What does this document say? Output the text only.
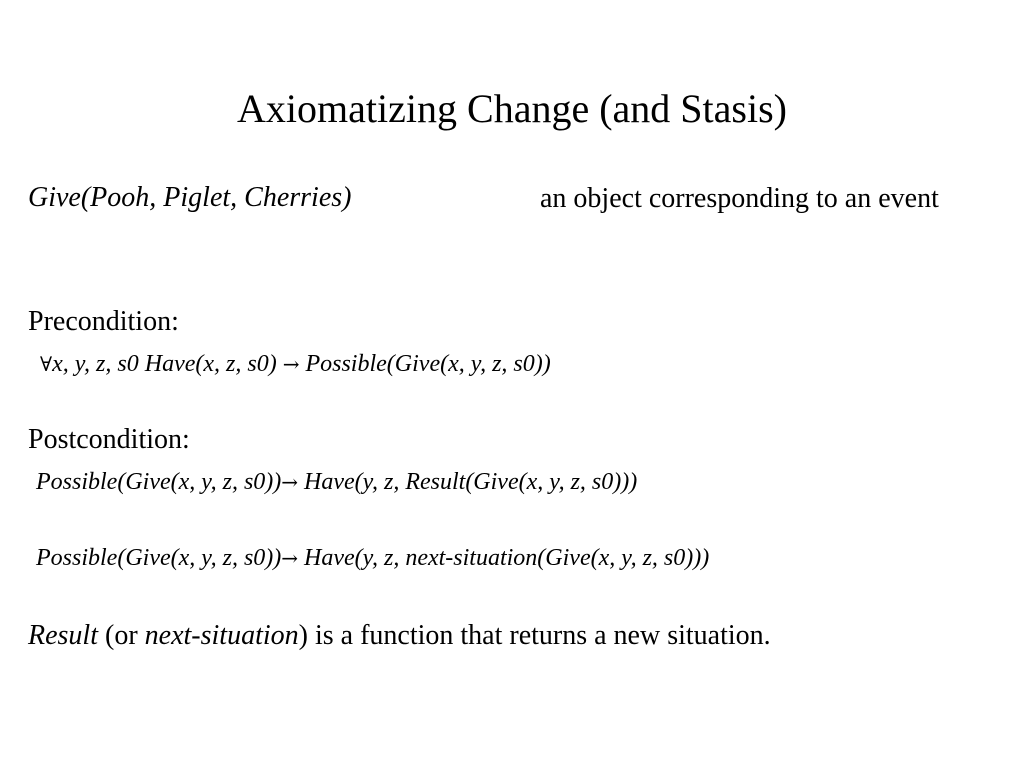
Axiomatizing Change (and Stasis)
Give(Pooh, Piglet, Cherries)	an object corresponding to an event
Precondition:
∀x, y, z, s0 Have(x, z, s0) → Possible(Give(x, y, z, s0))
Postcondition:
Possible(Give(x, y, z, s0))→ Have(y, z, Result(Give(x, y, z, s0)))
Possible(Give(x, y, z, s0))→ Have(y, z, next-situation(Give(x, y, z, s0)))
Result (or next-situation) is a function that returns a new situation.
